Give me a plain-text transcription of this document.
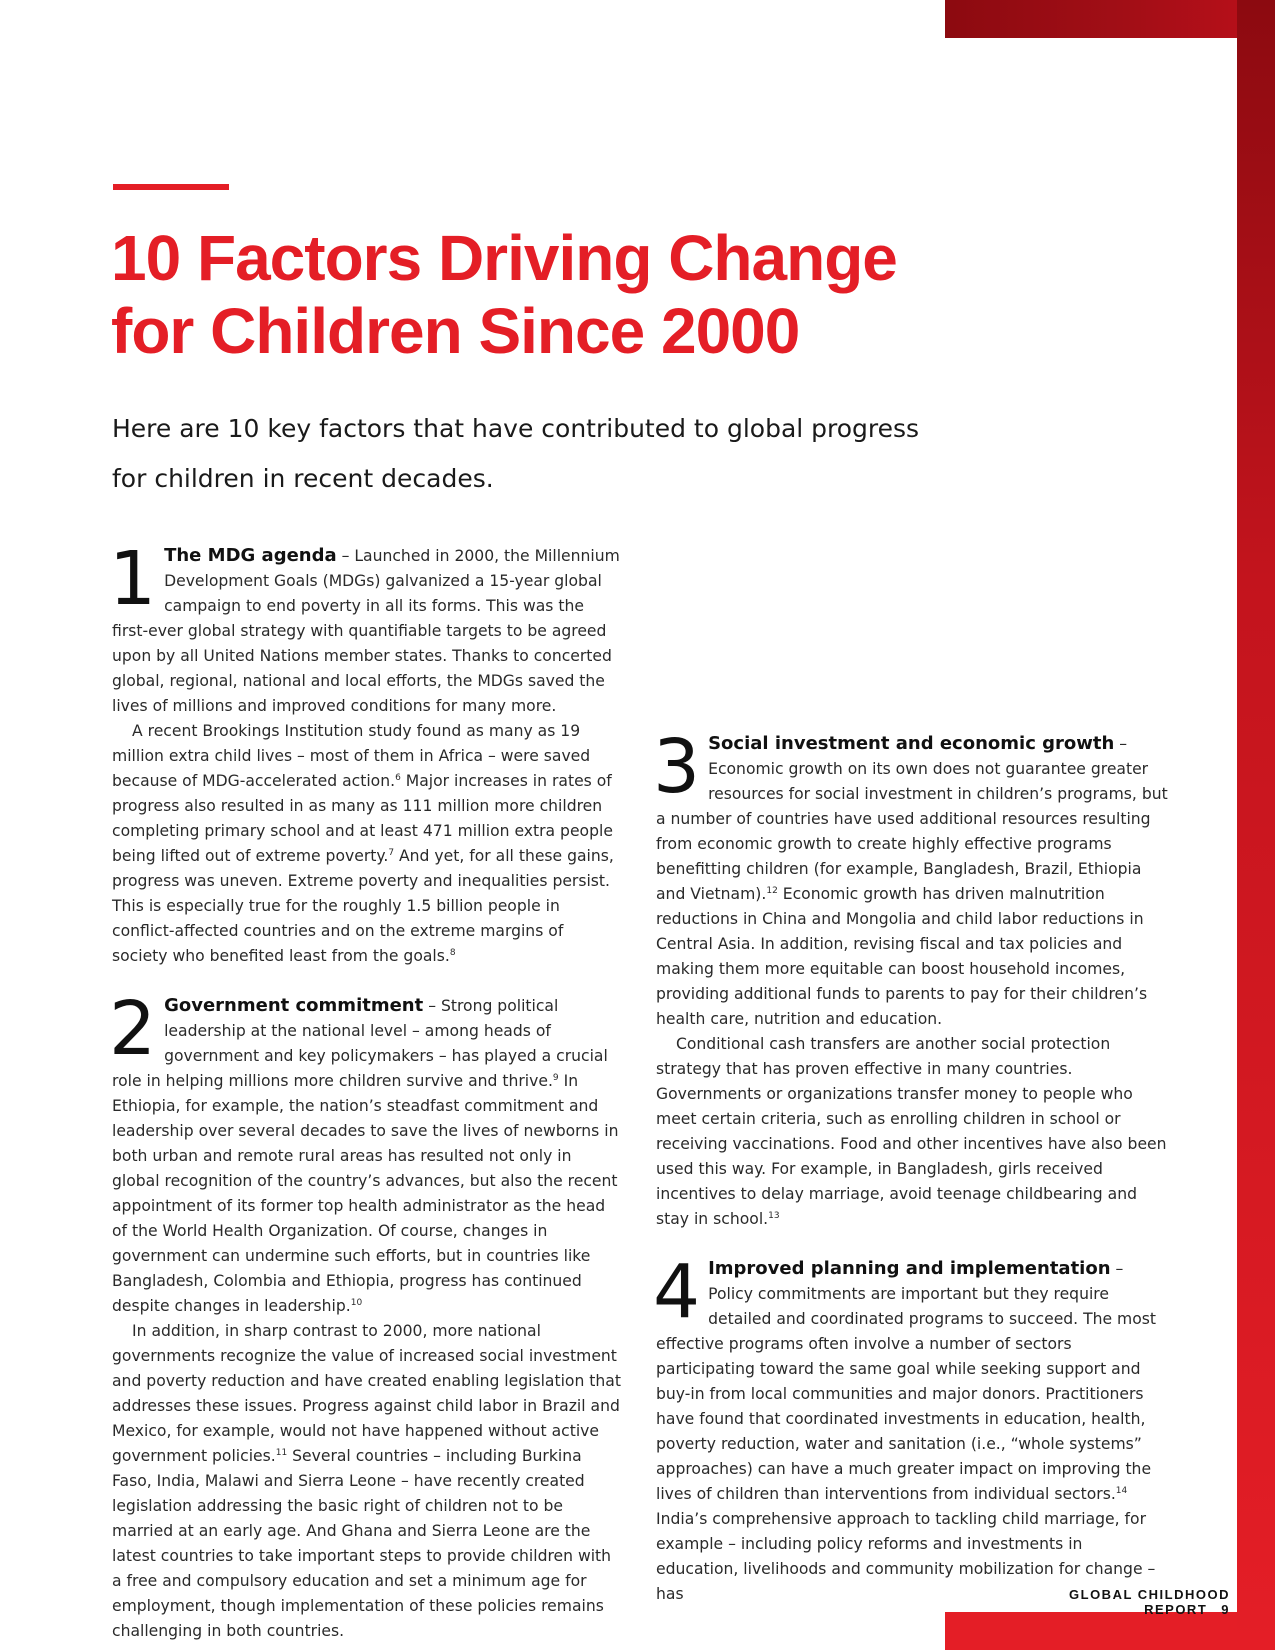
10 Factors Driving Change
for Children Since 2000

Here are 10 key factors that have contributed to global progress
for children in recent decades.

1 The MDG agenda – Launched in 2000, the Millennium Development Goals (MDGs) galvanized a 15-year global campaign to end poverty in all its forms. This was the first-ever global strategy with quantifiable targets to be agreed upon by all United Nations member states. Thanks to concerted global, regional, national and local efforts, the MDGs saved the lives of millions and improved conditions for many more.

A recent Brookings Institution study found as many as 19 million extra child lives – most of them in Africa – were saved because of MDG-accelerated action.$^6$ Major increases in rates of progress also resulted in as many as 111 million more children completing primary school and at least 471 million extra people being lifted out of extreme poverty.$^7$ And yet, for all these gains, progress was uneven. Extreme poverty and inequalities persist. This is especially true for the roughly 1.5 billion people in conflict-affected countries and on the extreme margins of society who benefited least from the goals.$^8$

2 Government commitment – Strong political leadership at the national level – among heads of government and key policymakers – has played a crucial role in helping millions more children survive and thrive.$^9$ In Ethiopia, for example, the nation’s steadfast commitment and leadership over several decades to save the lives of newborns in both urban and remote rural areas has resulted not only in global recognition of the country’s advances, but also the recent appointment of its former top health administrator as the head of the World Health Organization. Of course, changes in government can undermine such efforts, but in countries like Bangladesh, Colombia and Ethiopia, progress has continued despite changes in leadership.$^{10}$

In addition, in sharp contrast to 2000, more national governments recognize the value of increased social investment and poverty reduction and have created enabling legislation that addresses these issues. Progress against child labor in Brazil and Mexico, for example, would not have happened without active government policies.$^{11}$ Several countries – including Burkina Faso, India, Malawi and Sierra Leone – have recently created legislation addressing the basic right of children not to be married at an early age. And Ghana and Sierra Leone are the latest countries to take important steps to provide children with a free and compulsory education and set a minimum age for employment, though implementation of these policies remains challenging in both countries.

3 Social investment and economic growth – Economic growth on its own does not guarantee greater resources for social investment in children’s programs, but a number of countries have used additional resources resulting from economic growth to create highly effective programs benefitting children (for example, Bangladesh, Brazil, Ethiopia and Vietnam).$^{12}$ Economic growth has driven malnutrition reductions in China and Mongolia and child labor reductions in Central Asia. In addition, revising fiscal and tax policies and making them more equitable can boost household incomes, providing additional funds to parents to pay for their children’s health care, nutrition and education.

Conditional cash transfers are another social protection strategy that has proven effective in many countries. Governments or organizations transfer money to people who meet certain criteria, such as enrolling children in school or receiving vaccinations. Food and other incentives have also been used this way. For example, in Bangladesh, girls received incentives to delay marriage, avoid teenage childbearing and stay in school.$^{13}$

4 Improved planning and implementation – Policy commitments are important but they require detailed and coordinated programs to succeed. The most effective programs often involve a number of sectors participating toward the same goal while seeking support and buy-in from local communities and major donors. Practitioners have found that coordinated investments in education, health, poverty reduction, water and sanitation (i.e., “whole systems” approaches) can have a much greater impact on improving the lives of children than interventions from individual sectors.$^{14}$ India’s comprehensive approach to tackling child marriage, for example – including policy reforms and investments in education, livelihoods and community mobilization for change – has	GLOBAL CHILDHOOD REPORT 9
